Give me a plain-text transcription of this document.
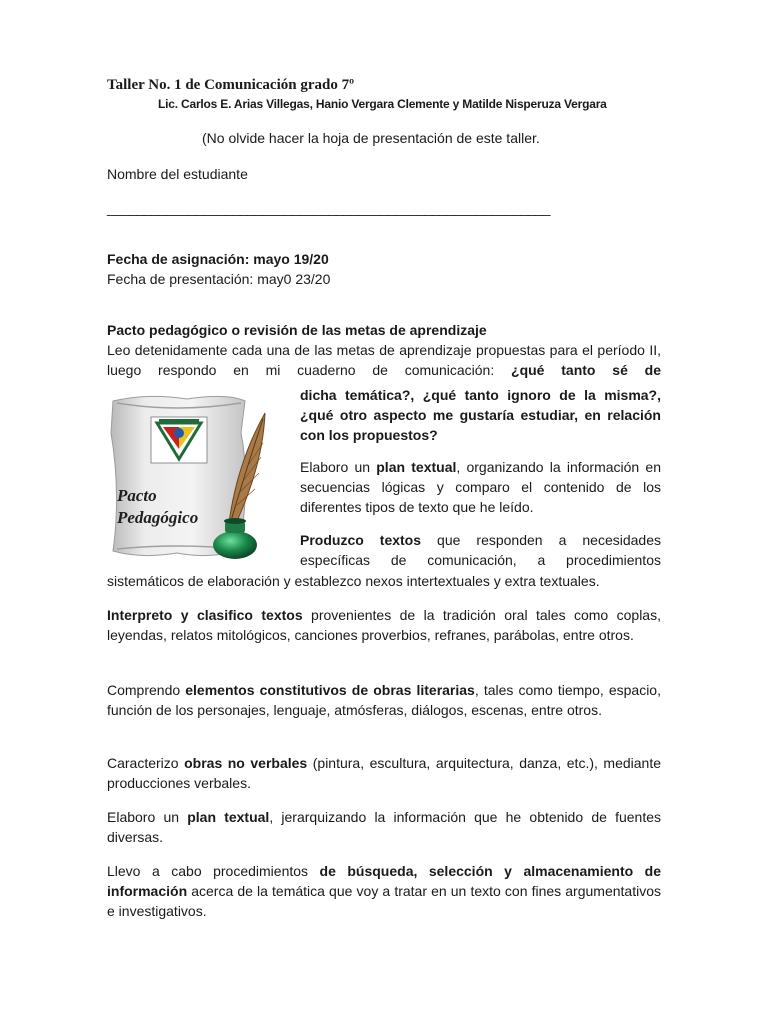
Taller No. 1 de Comunicación grado 7º
Lic. Carlos E. Arias Villegas, Hanio Vergara Clemente y Matilde Nisperuza Vergara
(No olvide hacer la hoja de presentación de este taller.
Nombre del estudiante
____________________________________________________________
Fecha de asignación: mayo 19/20
Fecha de presentación: may0 23/20
Pacto pedagógico o revisión de las metas de aprendizaje
Leo detenidamente cada una de las metas de aprendizaje propuestas para el período II, luego respondo en mi cuaderno de comunicación: ¿qué tanto sé de
dicha temática?, ¿qué tanto ignoro de la misma?, ¿qué otro aspecto me gustaría estudiar, en relación con los propuestos?
Pacto
Pedagógico
Elaboro un plan textual, organizando la información en secuencias lógicas y comparo el contenido de los diferentes tipos de texto que he leído.
Produzco textos que responden a necesidades específicas de comunicación, a procedimientos
sistemáticos de elaboración y establezco nexos intertextuales y extra textuales.
Interpreto y clasifico textos provenientes de la tradición oral tales como coplas, leyendas, relatos mitológicos, canciones proverbios, refranes, parábolas, entre otros.
Comprendo elementos constitutivos de obras literarias, tales como tiempo, espacio, función de los personajes, lenguaje, atmósferas, diálogos, escenas, entre otros.
Caracterizo obras no verbales (pintura, escultura, arquitectura, danza, etc.), mediante producciones verbales.
Elaboro un plan textual, jerarquizando la información que he obtenido de fuentes diversas.
Llevo a cabo procedimientos de búsqueda, selección y almacenamiento de información acerca de la temática que voy a tratar en un texto con fines argumentativos e investigativos.
